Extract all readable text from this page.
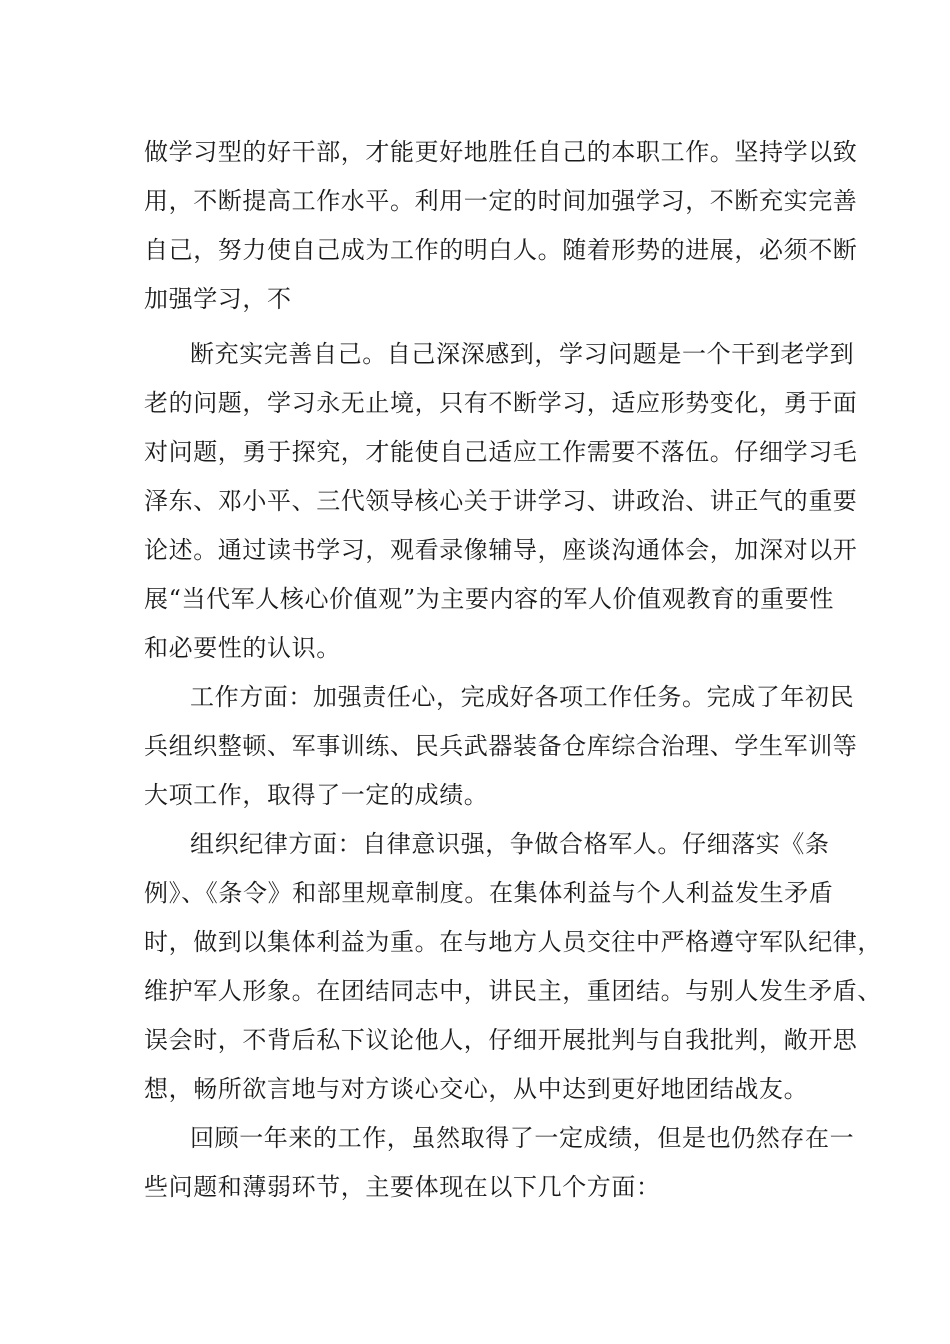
做学习型的好干部，才能更好地胜任自己的本职工作。坚持学以致
用，不断提高工作水平。利用一定的时间加强学习，不断充实完善
自己，努力使自己成为工作的明白人。随着形势的进展，必须不断
加强学习，不
断充实完善自己。自己深深感到，学习问题是一个干到老学到
老的问题，学习永无止境，只有不断学习，适应形势变化，勇于面
对问题，勇于探究，才能使自己适应工作需要不落伍。仔细学习毛
泽东、邓小平、三代领导核心关于讲学习、讲政治、讲正气的重要
论述。通过读书学习，观看录像辅导，座谈沟通体会，加深对以开
展“当代军人核心价值观”为主要内容的军人价值观教育的重要性
和必要性的认识。
工作方面：加强责任心，完成好各项工作任务。完成了年初民
兵组织整顿、军事训练、民兵武器装备仓库综合治理、学生军训等
大项工作，取得了一定的成绩。
组织纪律方面：自律意识强，争做合格军人。仔细落实《条
例》、《条令》和部里规章制度。在集体利益与个人利益发生矛盾
时，做到以集体利益为重。在与地方人员交往中严格遵守军队纪律，
维护军人形象。在团结同志中，讲民主，重团结。与别人发生矛盾、
误会时，不背后私下议论他人，仔细开展批判与自我批判，敞开思
想，畅所欲言地与对方谈心交心，从中达到更好地团结战友。
回顾一年来的工作，虽然取得了一定成绩，但是也仍然存在一
些问题和薄弱环节，主要体现在以下几个方面：
